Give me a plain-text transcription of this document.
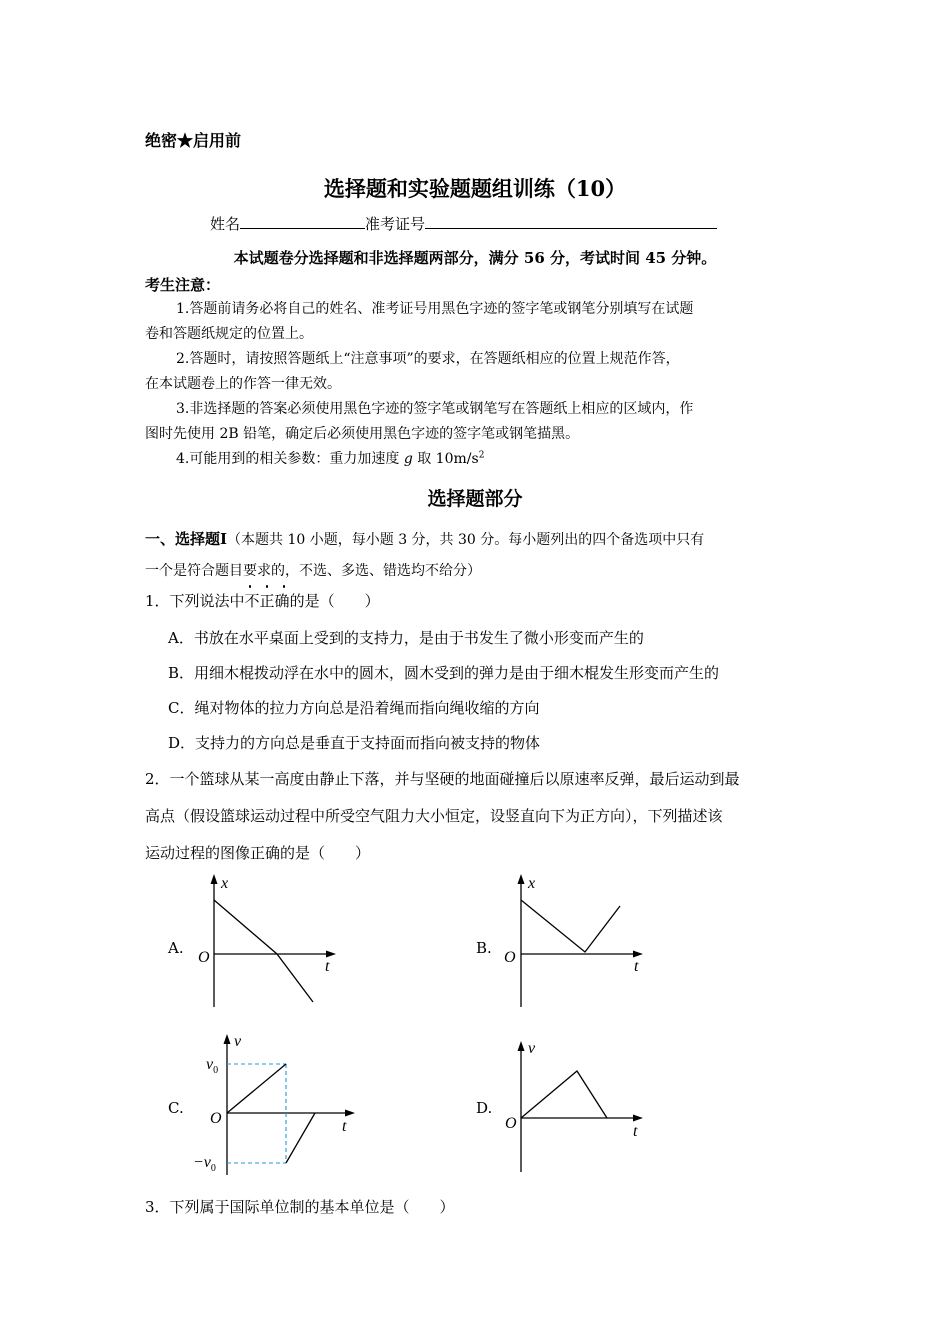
绝密★启用前
选择题和实验题题组训练（10）
姓名	准考证号
本试题卷分选择题和非选择题两部分，满分 56 分，考试时间 45 分钟。
考生注意：
1.答题前请务必将自己的姓名、准考证号用黑色字迹的签字笔或钢笔分别填写在试题
卷和答题纸规定的位置上。
2.答题时，请按照答题纸上“注意事项”的要求，在答题纸相应的位置上规范作答，
在本试题卷上的作答一律无效。
3.非选择题的答案必须使用黑色字迹的签字笔或钢笔写在答题纸上相应的区域内，作
图时先使用 2B 铅笔，确定后必须使用黑色字迹的签字笔或钢笔描黑。
4.可能用到的相关参数：重力加速度 g 取 $10m/s^2$
选择题部分
一、选择题Ⅰ（本题共 10 小题，每小题 3 分，共 30 分。每小题列出的四个备选项中只有
一个是符合题目要求的，不选、多选、错选均不给分）
1．下列说法中
不正确的是（　　）
A．书放在水平桌面上受到的支持力，是由于书发生了微小形变而产生的
B．用细木棍拨动浮在水中的圆木，圆木受到的弹力是由于细木棍发生形变而产生的
C．绳对物体的拉力方向总是沿着绳而指向绳收缩的方向
D．支持力的方向总是垂直于支持面而指向被支持的物体
2．一个篮球从某一高度由静止下落，并与坚硬的地面碰撞后以原速率反弹，最后运动到最
高点（假设篮球运动过程中所受空气阻力大小恒定，设竖直向下为正方向），下列描述该
运动过程的图像正确的是（　　）
A.	B.
C.	D.
x
t
O
x
t
O
v
t
O
$v_0$
$-v_0$
v
t
O
3．下列属于国际单位制的基本单位是（　　）
